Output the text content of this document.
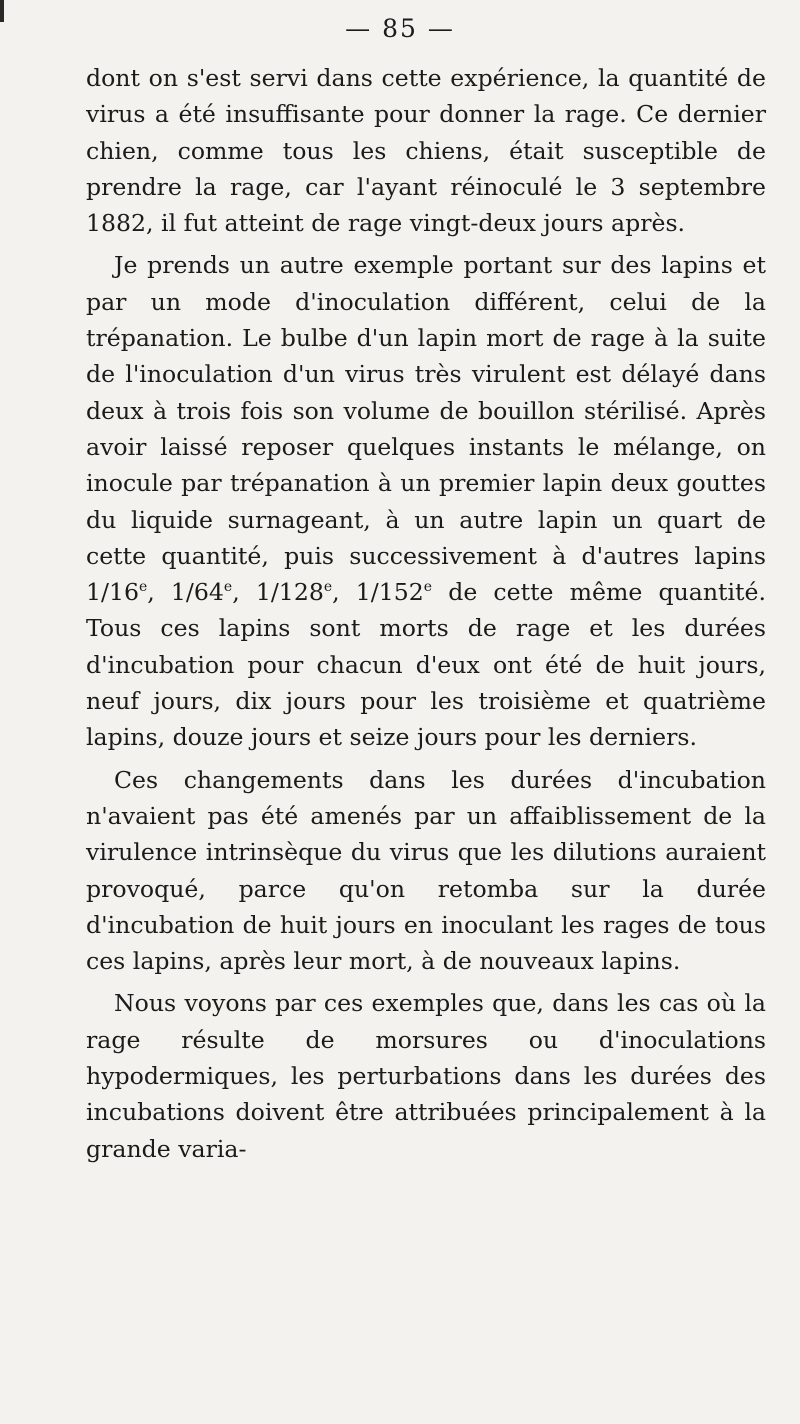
— 85 —

dont on s'est servi dans cette expérience, la quantité de virus a été insuffisante pour donner la rage. Ce dernier chien, comme tous les chiens, était susceptible de prendre la rage, car l'ayant réinoculé le 3 septembre 1882, il fut atteint de rage vingt-deux jours après.

Je prends un autre exemple portant sur des lapins et par un mode d'inoculation différent, celui de la trépanation. Le bulbe d'un lapin mort de rage à la suite de l'inoculation d'un virus très virulent est délayé dans deux à trois fois son volume de bouillon stérilisé. Après avoir laissé reposer quelques instants le mélange, on inocule par trépanation à un premier lapin deux gouttes du liquide surnageant, à un autre lapin un quart de cette quantité, puis successivement à d'autres lapins 1/16e, 1/64e, 1/128e, 1/152e de cette même quantité. Tous ces lapins sont morts de rage et les durées d'incubation pour chacun d'eux ont été de huit jours, neuf jours, dix jours pour les troisième et quatrième lapins, douze jours et seize jours pour les derniers.

Ces changements dans les durées d'incubation n'avaient pas été amenés par un affaiblissement de la virulence intrinsèque du virus que les dilutions auraient provoqué, parce qu'on retomba sur la durée d'incubation de huit jours en inoculant les rages de tous ces lapins, après leur mort, à de nouveaux lapins.

Nous voyons par ces exemples que, dans les cas où la rage résulte de morsures ou d'inoculations hypodermiques, les perturbations dans les durées des incubations doivent être attribuées principalement à la grande varia-
